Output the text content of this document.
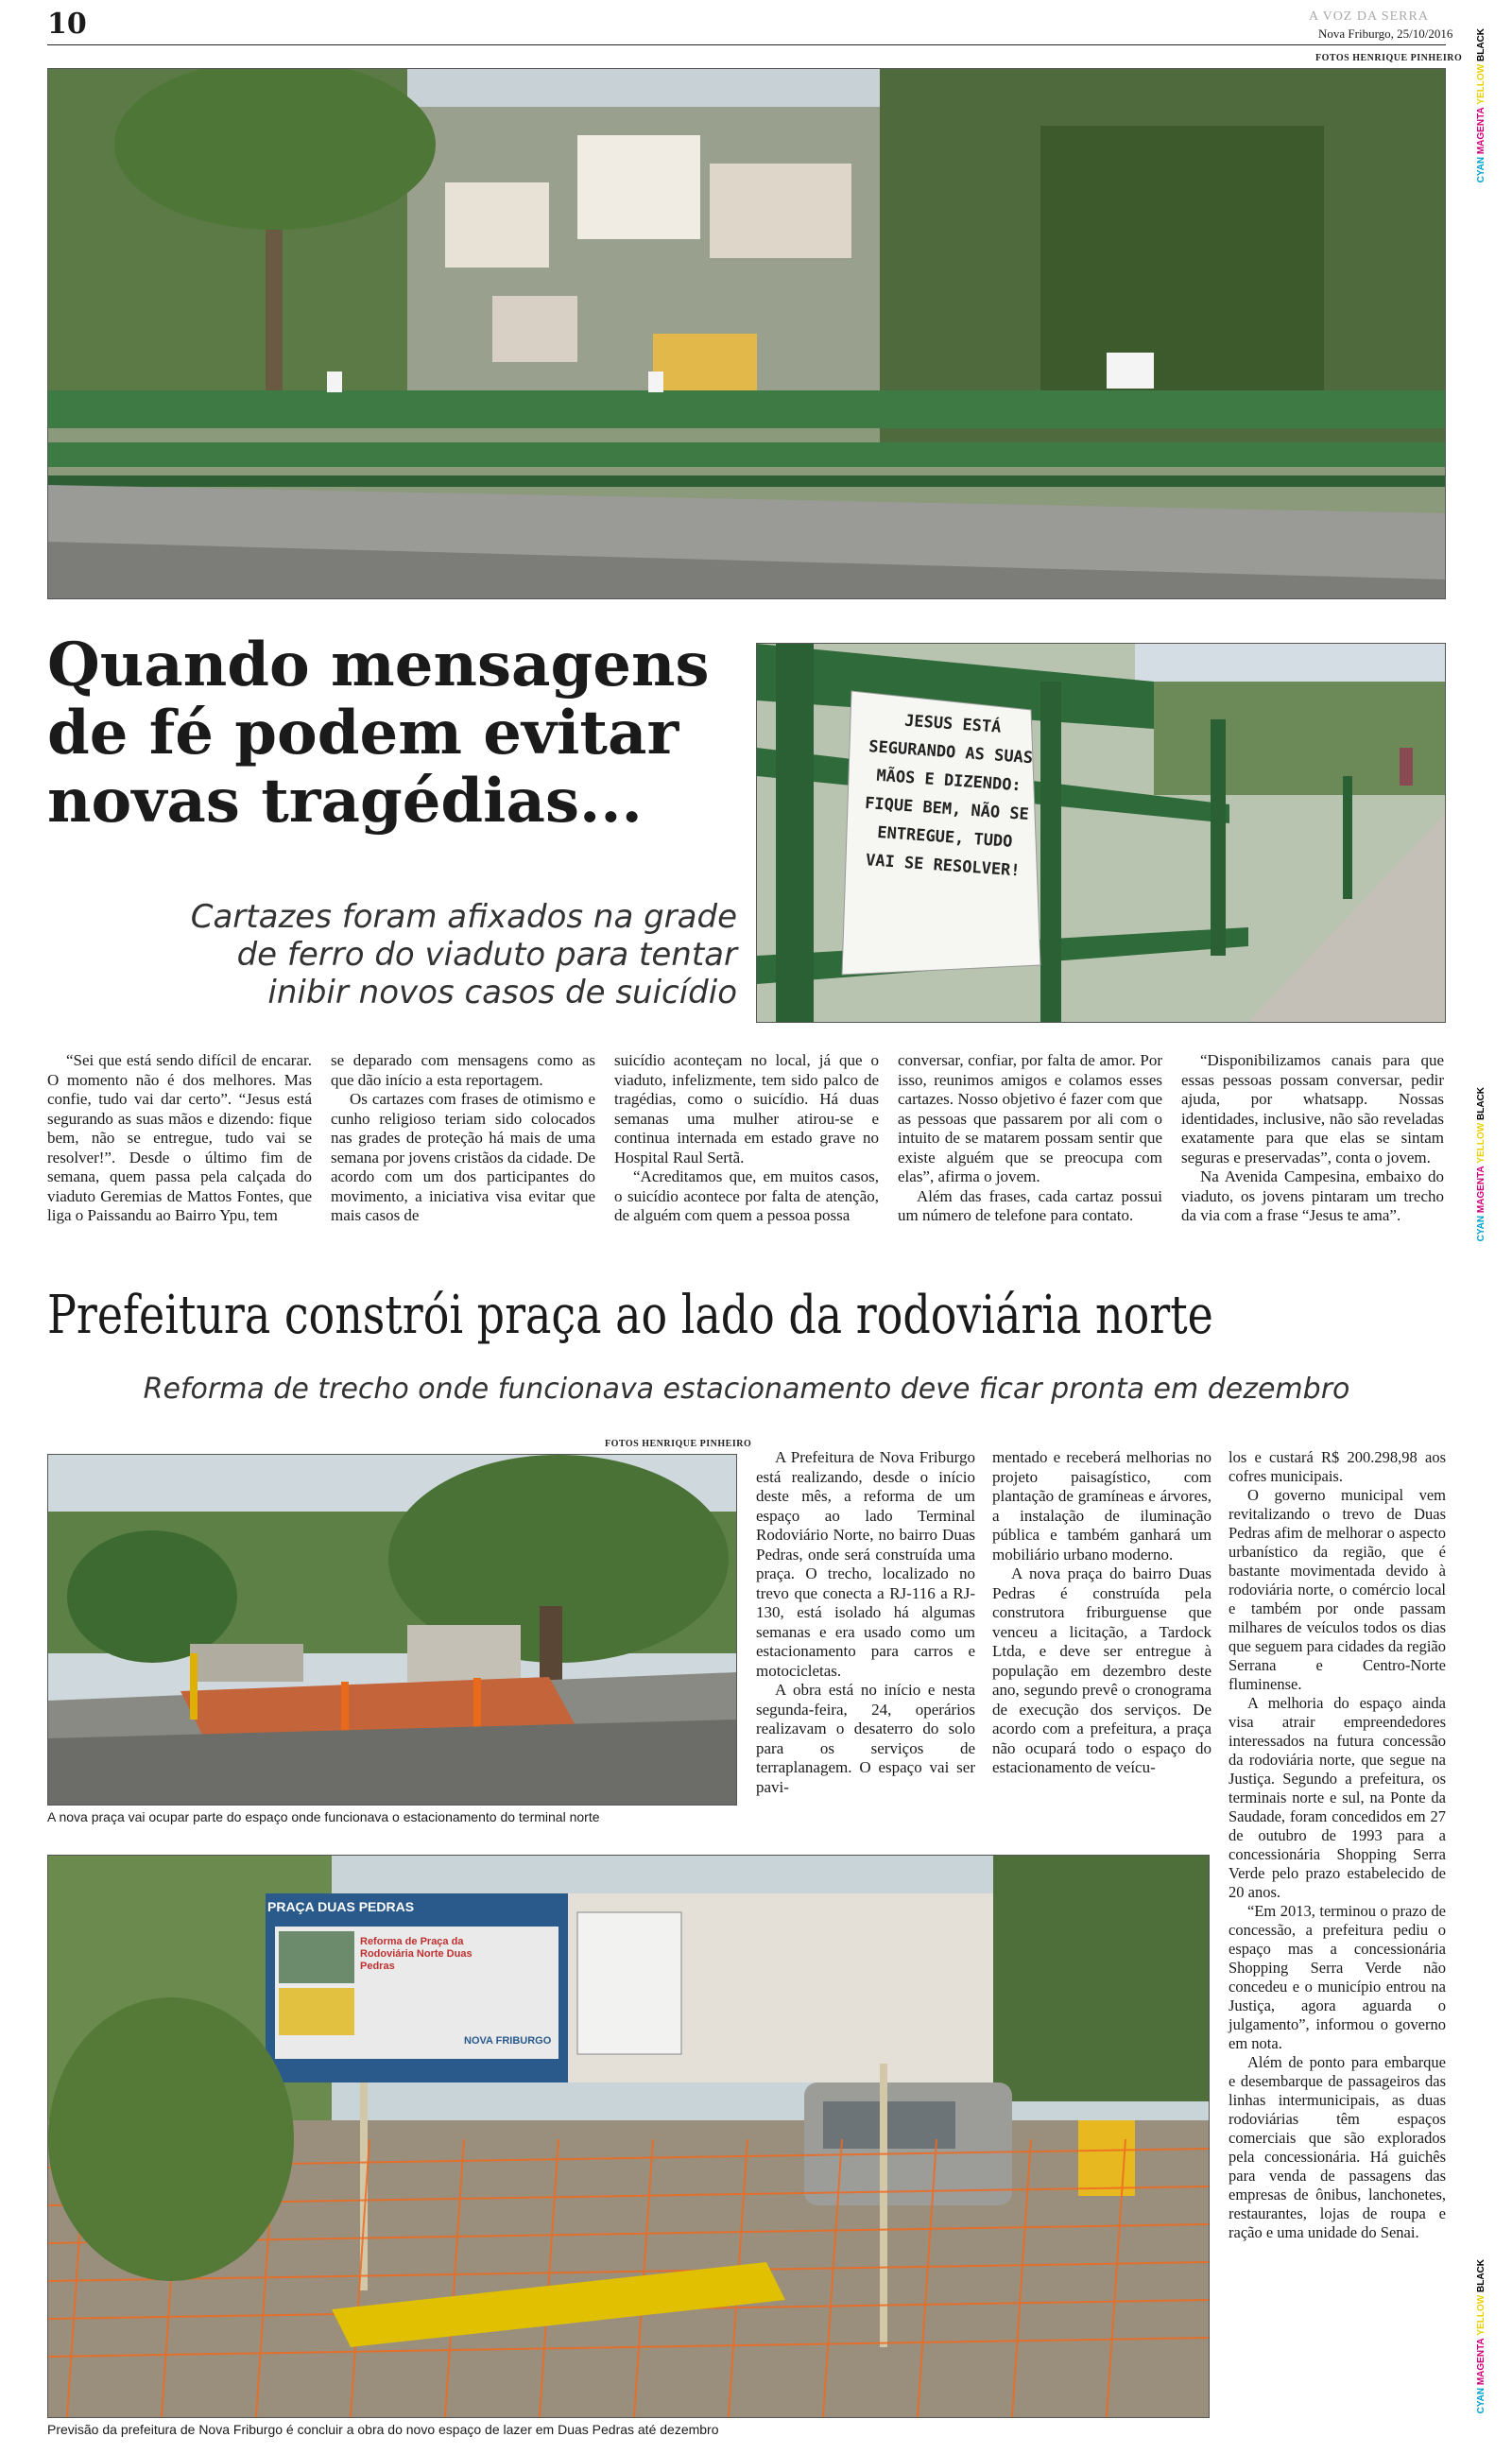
10	A VOZ DA SERRA
Nova Friburgo, 25/10/2016
FOTOS HENRIQUE PINHEIRO
Quando mensagens
de fé podem evitar
novas tragédias...
Cartazes foram afixados na grade
de ferro do viaduto para tentar
inibir novos casos de suicídio
JESUS ESTÁ SEGURANDO AS SUAS MÃOS E DIZENDO: FIQUE BEM, NÃO SE ENTREGUE, TUDO VAI SE RESOLVER!

“Sei que está sendo difícil de encarar. O momento não é dos melhores. Mas confie, tudo vai dar certo”. “Jesus está segurando as suas mãos e dizendo: fique bem, não se entregue, tudo vai se resolver!”. Desde o último fim de semana, quem passa pela calçada do viaduto Geremias de Mattos Fontes, que liga o Paissandu ao Bairro Ypu, tem

se deparado com mensagens como as que dão início a esta reportagem.

Os cartazes com frases de otimismo e cunho religioso teriam sido colocados nas grades de proteção há mais de uma semana por jovens cristãos da cidade. De acordo com um dos participantes do movimento, a iniciativa visa evitar que mais casos de

suicídio aconteçam no local, já que o viaduto, infelizmente, tem sido palco de tragédias, como o suicídio. Há duas semanas uma mulher atirou-se e continua internada em estado grave no Hospital Raul Sertã.

“Acreditamos que, em muitos casos, o suicídio acontece por falta de atenção, de alguém com quem a pessoa possa

conversar, confiar, por falta de amor. Por isso, reunimos amigos e colamos esses cartazes. Nosso objetivo é fazer com que as pessoas que passarem por ali com o intuito de se matarem possam sentir que existe alguém que se preocupa com elas”, afirma o jovem.

Além das frases, cada cartaz possui um número de telefone para contato.

“Disponibilizamos canais para que essas pessoas possam conversar, pedir ajuda, por whatsapp. Nossas identidades, inclusive, não são reveladas exatamente para que elas se sintam seguras e preservadas”, conta o jovem.

Na Avenida Campesina, embaixo do viaduto, os jovens pintaram um trecho da via com a frase “Jesus te ama”.

Prefeitura constrói praça ao lado da rodoviária norte
Reforma de trecho onde funcionava estacionamento deve ficar pronta em dezembro
FOTOS HENRIQUE PINHEIRO
A nova praça vai ocupar parte do espaço onde funcionava o estacionamento do terminal norte
PRAÇA DUAS PEDRAS
Reforma de Praça da Rodoviária Norte Duas Pedras
NOVA FRIBURGO
Previsão da prefeitura de Nova Friburgo é concluir a obra do novo espaço de lazer em Duas Pedras até dezembro

A Prefeitura de Nova Friburgo está realizando, desde o início deste mês, a reforma de um espaço ao lado Terminal Rodoviário Norte, no bairro Duas Pedras, onde será construída uma praça. O trecho, localizado no trevo que conecta a RJ-116 a RJ-130, está isolado há algumas semanas e era usado como um estacionamento para carros e motocicletas.

A obra está no início e nesta segunda-feira, 24, operários realizavam o desaterro do solo para os serviços de terraplanagem. O espaço vai ser pavi-

mentado e receberá melhorias no projeto paisagístico, com plantação de gramíneas e árvores, a instalação de iluminação pública e também ganhará um mobiliário urbano moderno.

A nova praça do bairro Duas Pedras é construída pela construtora friburguense que venceu a licitação, a Tardock Ltda, e deve ser entregue à população em dezembro deste ano, segundo prevê o cronograma de execução dos serviços. De acordo com a prefeitura, a praça não ocupará todo o espaço do estacionamento de veícu-

los e custará R$ 200.298,98 aos cofres municipais.

O governo municipal vem revitalizando o trevo de Duas Pedras afim de melhorar o aspecto urbanístico da região, que é bastante movimentada devido à rodoviária norte, o comércio local e também por onde passam milhares de veículos todos os dias que seguem para cidades da região Serrana e Centro-Norte fluminense.

A melhoria do espaço ainda visa atrair empreendedores interessados na futura concessão da rodoviária norte, que segue na Justiça. Segundo a prefeitura, os terminais norte e sul, na Ponte da Saudade, foram concedidos em 27 de outubro de 1993 para a concessionária Shopping Serra Verde pelo prazo estabelecido de 20 anos.

“Em 2013, terminou o prazo de concessão, a prefeitura pediu o espaço mas a concessionária Shopping Serra Verde não concedeu e o município entrou na Justiça, agora aguarda o julgamento”, informou o governo em nota.

Além de ponto para embarque e desembarque de passageiros das linhas intermunicipais, as duas rodoviárias têm espaços comerciais que são explorados pela concessionária. Há guichês para venda de passagens das empresas de ônibus, lanchonetes, restaurantes, lojas de roupa e ração e uma unidade do Senai.

CYAN MAGENTA YELLOW BLACK
CYAN MAGENTA YELLOW BLACK
CYAN MAGENTA YELLOW BLACK
